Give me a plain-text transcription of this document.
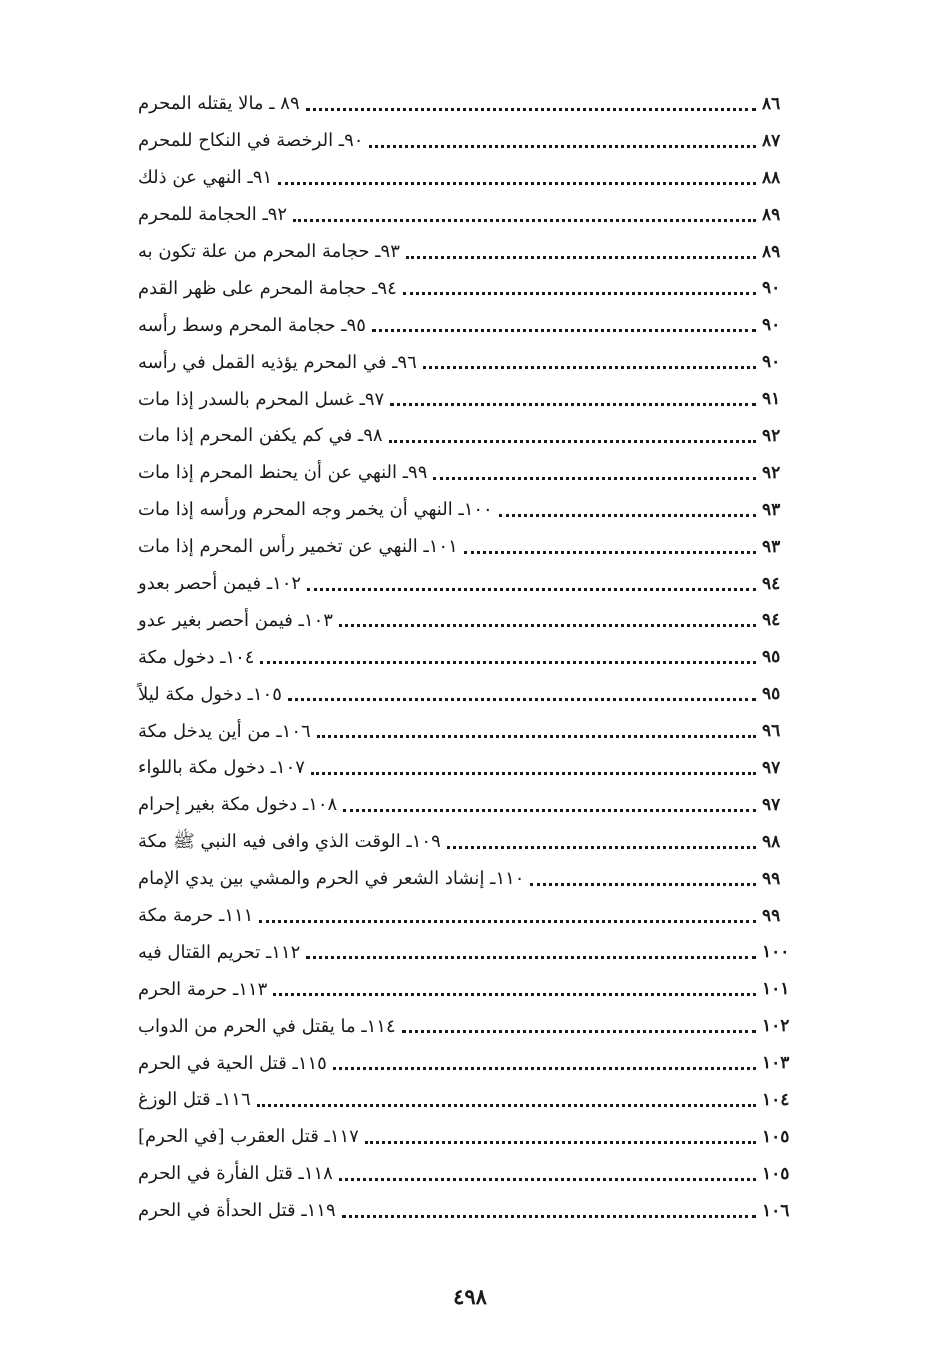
٨٩ ـ مالا يقتله المحرم	٨٦
٩٠ـ الرخصة في النكاح للمحرم	٨٧
٩١ـ النهي عن ذلك	٨٨
٩٢ـ الحجامة للمحرم	٨٩
٩٣ـ حجامة المحرم من علة تكون به	٨٩
٩٤ـ حجامة المحرم على ظهر القدم	٩٠
٩٥ـ حجامة المحرم وسط رأسه	٩٠
٩٦ـ في المحرم يؤذيه القمل في رأسه	٩٠
٩٧ـ غسل المحرم بالسدر إذا مات	٩١
٩٨ـ في كم يكفن المحرم إذا مات	٩٢
٩٩ـ النهي عن أن يحنط المحرم إذا مات	٩٢
١٠٠ـ النهي أن يخمر وجه المحرم ورأسه إذا مات	٩٣
١٠١ـ النهي عن تخمير رأس المحرم إذا مات	٩٣
١٠٢ـ فيمن أحصر بعدو	٩٤
١٠٣ـ فيمن أحصر بغير عدو	٩٤
١٠٤ـ دخول مكة	٩٥
١٠٥ـ دخول مكة ليلاً	٩٥
١٠٦ـ من أين يدخل مكة	٩٦
١٠٧ـ دخول مكة باللواء	٩٧
١٠٨ـ دخول مكة بغير إحرام	٩٧
١٠٩ـ الوقت الذي وافى فيه النبي ﷺ مكة	٩٨
١١٠ـ إنشاد الشعر في الحرم والمشي بين يدي الإمام	٩٩
١١١ـ حرمة مكة	٩٩
١١٢ـ تحريم القتال فيه	١٠٠
١١٣ـ حرمة الحرم	١٠١
١١٤ـ ما يقتل في الحرم من الدواب	١٠٢
١١٥ـ قتل الحية في الحرم	١٠٣
١١٦ـ قتل الوزغ	١٠٤
١١٧ـ قتل العقرب [في الحرم]	١٠٥
١١٨ـ قتل الفأرة في الحرم	١٠٥
١١٩ـ قتل الحدأة في الحرم	١٠٦
٤٩٨
